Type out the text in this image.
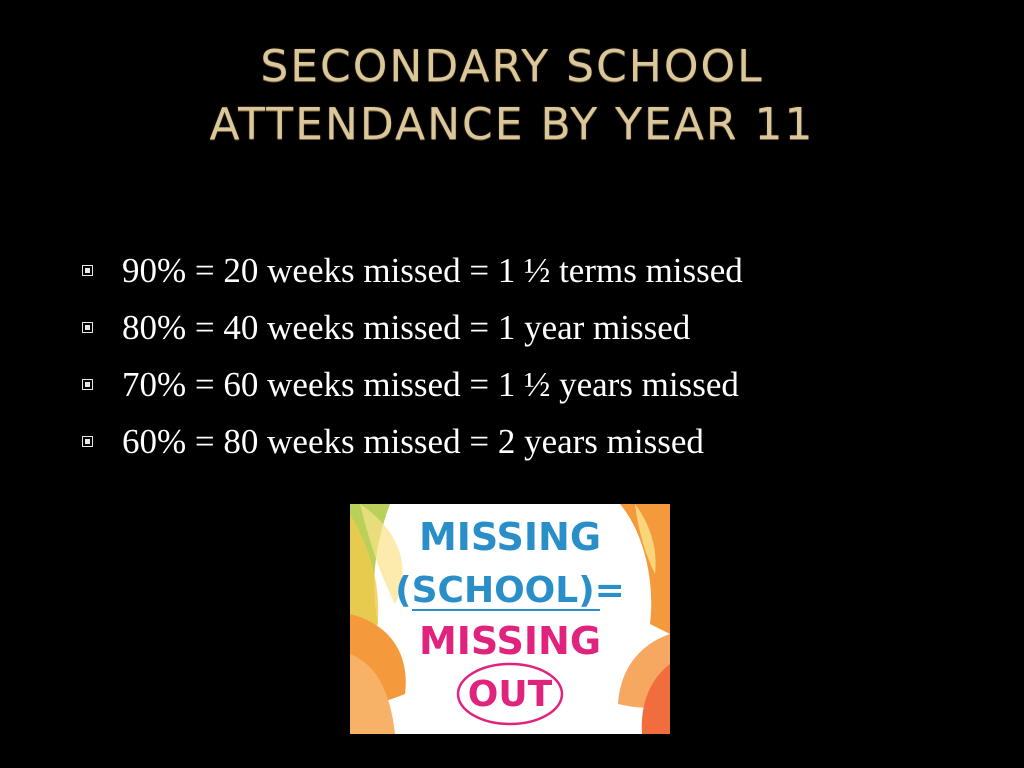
SECONDARY SCHOOL
ATTENDANCE BY YEAR 11
90% = 20 weeks missed = 1 ½ terms missed
80% = 40 weeks missed = 1 year missed
70% = 60 weeks missed = 1 ½ years missed
60% = 80 weeks missed = 2 years missed
MISSING
(SCHOOL)=
MISSING
OUT
